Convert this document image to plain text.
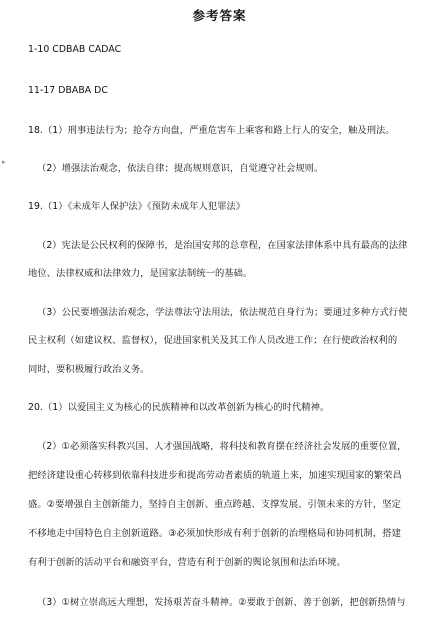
参考答案
▸
1-10 CDBAB CADAC
11-17 DBABA DC
18.（1）刑事违法行为；抢夺方向盘，严重危害车上乘客和路上行人的安全，触及刑法。
（2）增强法治观念，依法自律；提高规则意识，自觉遵守社会规则。
19.（1）《未成年人保护法》《预防未成年人犯罪法》
（2）宪法是公民权利的保障书，是治国安邦的总章程，在国家法律体系中具有最高的法律
地位、法律权威和法律效力，是国家法制统一的基础。
（3）公民要增强法治观念，学法尊法守法用法，依法规范自身行为；要通过多种方式行使
民主权利（如建议权、监督权），促进国家机关及其工作人员改进工作；在行使政治权利的
同时，要积极履行政治义务。
20.（1）以爱国主义为核心的民族精神和以改革创新为核心的时代精神。
（2）①必须落实科教兴国、人才强国战略，将科技和教育摆在经济社会发展的重要位置，
把经济建设重心转移到依靠科技进步和提高劳动者素质的轨道上来，加速实现国家的繁荣昌
盛。②要增强自主创新能力，坚持自主创新、重点跨越、支撑发展、引领未来的方针，坚定
不移地走中国特色自主创新道路。③必须加快形成有利于创新的治理格局和协同机制，搭建
有利于创新的活动平台和融资平台，营造有利于创新的舆论氛围和法治环境。
（3）①树立崇高远大理想，发扬艰苦奋斗精神。②要敢于创新、善于创新，把创新热情与
